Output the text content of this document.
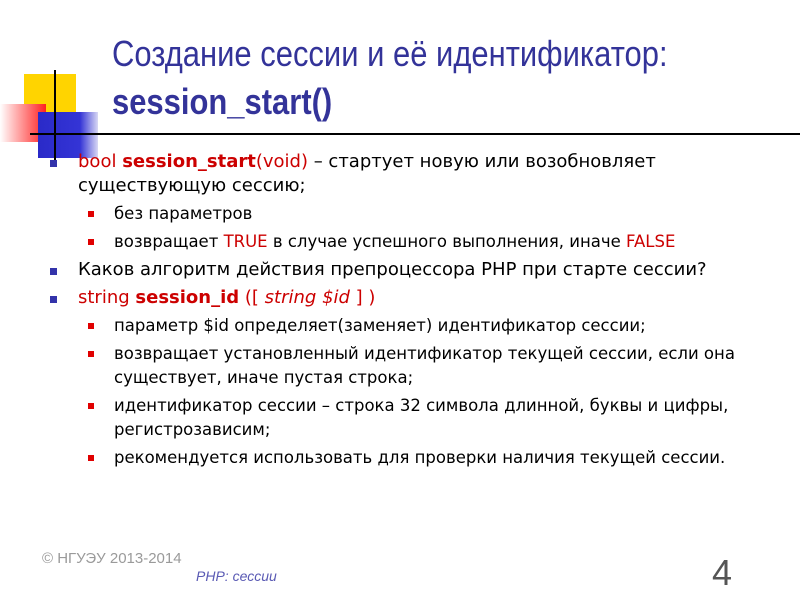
Создание сессии и её идентификатор:
session_start()
bool session_start(void) – стартует новую или возобновляет существующую сессию;
без параметров
возвращает TRUE в случае успешного выполнения, иначе FALSE
Каков алгоритм действия препроцессора PHP при старте сессии?
string session_id ([ string $id ] )
параметр $id определяет(заменяет) идентификатор сессии;
возвращает установленный идентификатор текущей сессии, если она существует, иначе пустая строка;
идентификатор сессии – строка 32 символа длинной, буквы и цифры, регистрозависим;
рекомендуется использовать для проверки наличия текущей сессии.
© НГУЭУ 2013-2014
PHP: сессии	4
